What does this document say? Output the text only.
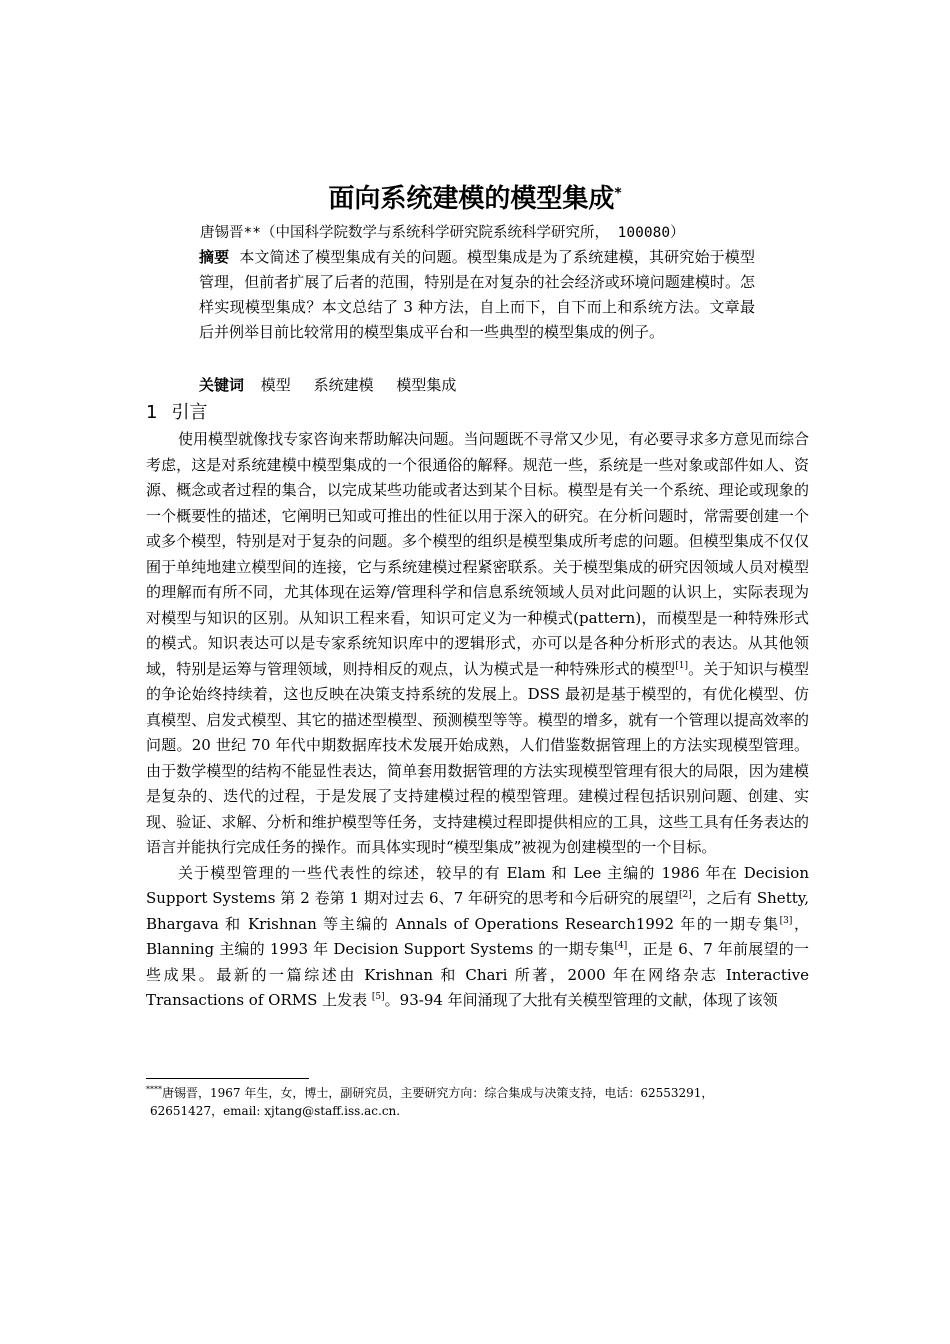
面向系统建模的模型集成*
唐锡晋**（中国科学院数学与系统科学研究院系统科学研究所， 100080）
摘要 本文简述了模型集成有关的问题。模型集成是为了系统建模，其研究始于模型管理，但前者扩展了后者的范围，特别是在对复杂的社会经济或环境问题建模时。怎样实现模型集成？本文总结了 3 种方法，自上而下，自下而上和系统方法。文章最后并例举目前比较常用的模型集成平台和一些典型的模型集成的例子。
关键词 模型 系统建模 模型集成
1 引言

使用模型就像找专家咨询来帮助解决问题。当问题既不寻常又少见，有必要寻求多方意见而综合考虑，这是对系统建模中模型集成的一个很通俗的解释。规范一些，系统是一些对象或部件如人、资源、概念或者过程的集合，以完成某些功能或者达到某个目标。模型是有关一个系统、理论或现象的一个概要性的描述，它阐明已知或可推出的性征以用于深入的研究。在分析问题时，常需要创建一个或多个模型，特别是对于复杂的问题。多个模型的组织是模型集成所考虑的问题。但模型集成不仅仅囿于单纯地建立模型间的连接，它与系统建模过程紧密联系。关于模型集成的研究因领域人员对模型的理解而有所不同，尤其体现在运筹/管理科学和信息系统领域人员对此问题的认识上，实际表现为对模型与知识的区别。从知识工程来看，知识可定义为一种模式(pattern)，而模型是一种特殊形式的模式。知识表达可以是专家系统知识库中的逻辑形式，亦可以是各种分析形式的表达。从其他领域，特别是运筹与管理领域，则持相反的观点，认为模式是一种特殊形式的模型[1]。关于知识与模型的争论始终持续着，这也反映在决策支持系统的发展上。DSS 最初是基于模型的，有优化模型、仿真模型、启发式模型、其它的描述型模型、预测模型等等。模型的增多，就有一个管理以提高效率的问题。20 世纪 70 年代中期数据库技术发展开始成熟，人们借鉴数据管理上的方法实现模型管理。由于数学模型的结构不能显性表达，简单套用数据管理的方法实现模型管理有很大的局限，因为建模是复杂的、迭代的过程，于是发展了支持建模过程的模型管理。建模过程包括识别问题、创建、实现、验证、求解、分析和维护模型等任务，支持建模过程即提供相应的工具，这些工具有任务表达的语言并能执行完成任务的操作。而具体实现时“模型集成”被视为创建模型的一个目标。

关于模型管理的一些代表性的综述，较早的有 Elam 和 Lee 主编的 1986 年在 Decision Support Systems 第 2 卷第 1 期对过去 6、7 年研究的思考和今后研究的展望[2]，之后有 Shetty, Bhargava 和 Krishnan 等主编的 Annals of Operations Research1992 年的一期专集[3]，Blanning 主编的 1993 年 Decision Support Systems 的一期专集[4]，正是 6、7 年前展望的一些成果。最新的一篇综述由 Krishnan 和 Chari 所著，2000 年在网络杂志 Interactive Transactions of ORMS 上发表 [5]。93-94 年间涌现了大批有关模型管理的文献，体现了该领

****唐锡晋，1967 年生，女，博士，副研究员，主要研究方向：综合集成与决策支持，电话：62553291，
62651427，email: xjtang@staff.iss.ac.cn.
